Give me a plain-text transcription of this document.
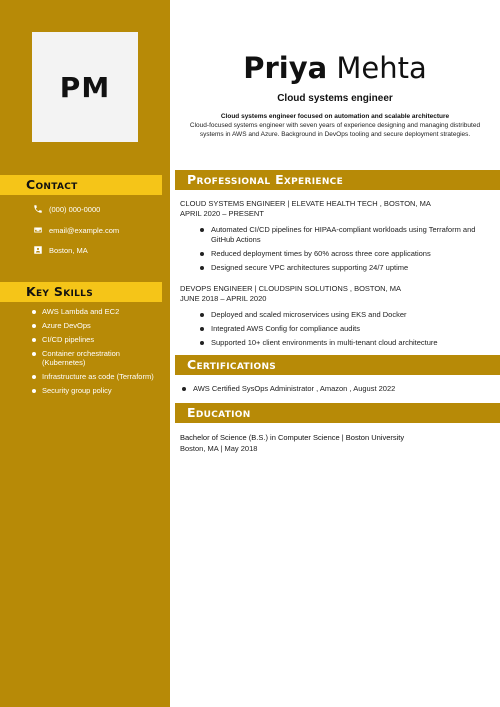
PM
Contact
(000) 000-0000
email@example.com
Boston, MA
Key Skills
AWS Lambda and EC2
Azure DevOps
CI/CD pipelines
Container orchestration (Kubernetes)
Infrastructure as code (Terraform)
Security group policy
Priya Mehta
Cloud systems engineer
Cloud systems engineer focused on automation and scalable architecture
Cloud-focused systems engineer with seven years of experience designing and managing distributed systems in AWS and Azure. Background in DevOps tooling and secure deployment strategies.
Professional Experience
CLOUD SYSTEMS ENGINEER | ELEVATE HEALTH TECH , BOSTON, MA
APRIL 2020 – PRESENT
Automated CI/CD pipelines for HIPAA-compliant workloads using Terraform and GitHub Actions
Reduced deployment times by 60% across three core applications
Designed secure VPC architectures supporting 24/7 uptime
DEVOPS ENGINEER | CLOUDSPIN SOLUTIONS , BOSTON, MA
JUNE 2018 – APRIL 2020
Deployed and scaled microservices using EKS and Docker
Integrated AWS Config for compliance audits
Supported 10+ client environments in multi-tenant cloud architecture
Certifications
AWS Certified SysOps Administrator , Amazon , August 2022
Education
Bachelor of Science (B.S.) in Computer Science | Boston University
Boston, MA | May 2018
